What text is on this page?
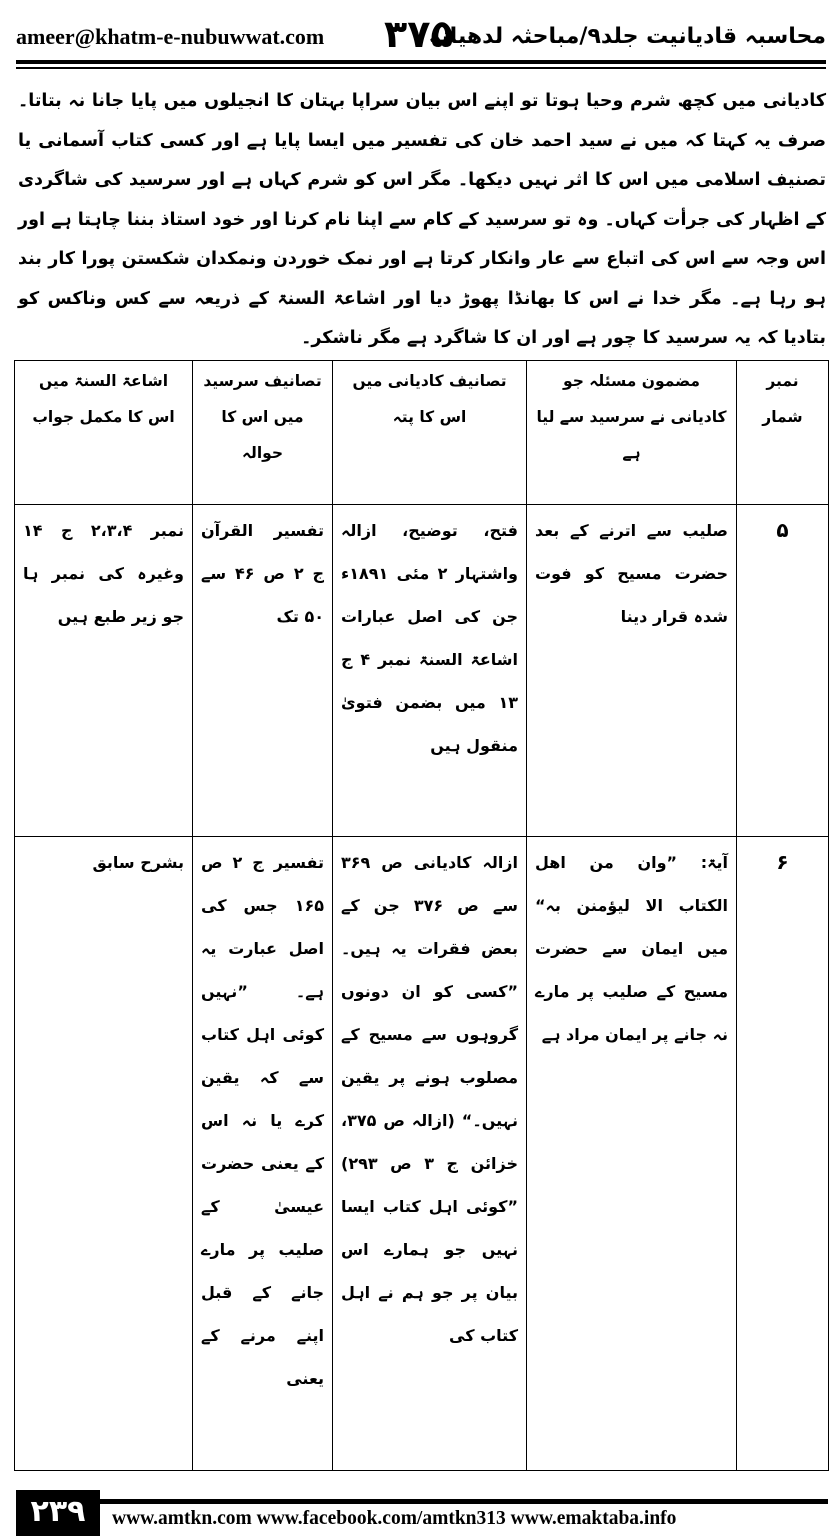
ameer@khatm-e-nubuwwat.com ۳۷۵
محاسبہ قادیانیت جلد۹/مباحثہ لدھیانہ

کادیانی میں کچھ شرم وحیا ہوتا تو اپنے اس بیان سراپا بہتان کا انجیلوں میں پایا جانا نہ بتاتا۔ صرف یہ کہتا کہ میں نے سید احمد خان کی تفسیر میں ایسا پایا ہے اور کسی کتاب آسمانی یا تصنیف اسلامی میں اس کا اثر نہیں دیکھا۔ مگر اس کو شرم کہاں ہے اور سرسید کی شاگردی کے اظہار کی جرأت کہاں۔ وہ تو سرسید کے کام سے اپنا نام کرنا اور خود استاذ بننا چاہتا ہے اور اس وجہ سے اس کی اتباع سے عار وانکار کرتا ہے اور نمک خوردن ونمکدان شکستن پورا کار بند ہو رہا ہے۔ مگر خدا نے اس کا بھانڈا پھوڑ دیا اور اشاعۃ السنۃ کے ذریعہ سے کس وناکس کو بتادیا کہ یہ سرسید کا چور ہے اور ان کا شاگرد ہے مگر ناشکر۔

نمبر شمار	مضمون مسئلہ جو کادیانی نے سرسید سے لیا ہے	تصانیف کادیانی میں اس کا پتہ	تصانیف سرسید میں اس کا حوالہ	اشاعۃ السنۃ میں اس کا مکمل جواب
۵	صلیب سے اترنے کے بعد حضرت مسیح کو فوت شدہ قرار دینا	فتح، توضیح، ازالہ واشتہار ۲ مئی ۱۸۹۱ء جن کی اصل عبارات اشاعۃ السنۃ نمبر ۴ ج ۱۳ میں بضمن فتویٰ منقول ہیں	تفسیر القرآن ج ۲ ص ۴۶ سے ۵۰ تک	نمبر ۲،۳،۴ ج ۱۴ وغیرہ کی نمبر ہا جو زیر طبع ہیں
۶	آیۃ: ”وان من اھل الکتاب الا لیؤمنن بہ“ میں ایمان سے حضرت مسیح کے صلیب پر مارے نہ جانے پر ایمان مراد ہے	ازالہ کادیانی ص ۳۶۹ سے ص ۳۷۶ جن کے بعض فقرات یہ ہیں۔ ”کسی کو ان دونوں گروہوں سے مسیح کے مصلوب ہونے پر یقین نہیں۔“ (ازالہ ص ۳۷۵، خزائن ج ۳ ص ۲۹۳) ”کوئی اہل کتاب ایسا نہیں جو ہمارے اس بیان پر جو ہم نے اہل کتاب کی	تفسیر ج ۲ ص ۱۶۵ جس کی اصل عبارت یہ ہے۔ ”نہیں کوئی اہل کتاب سے کہ یقین کرے یا نہ اس کے یعنی حضرت عیسیٰ کے صلیب پر مارے جانے کے قبل اپنے مرنے کے یعنی	بشرح سابق
۲۳۹	www.amtkn.com www.facebook.com/amtkn313 www.emaktaba.info
